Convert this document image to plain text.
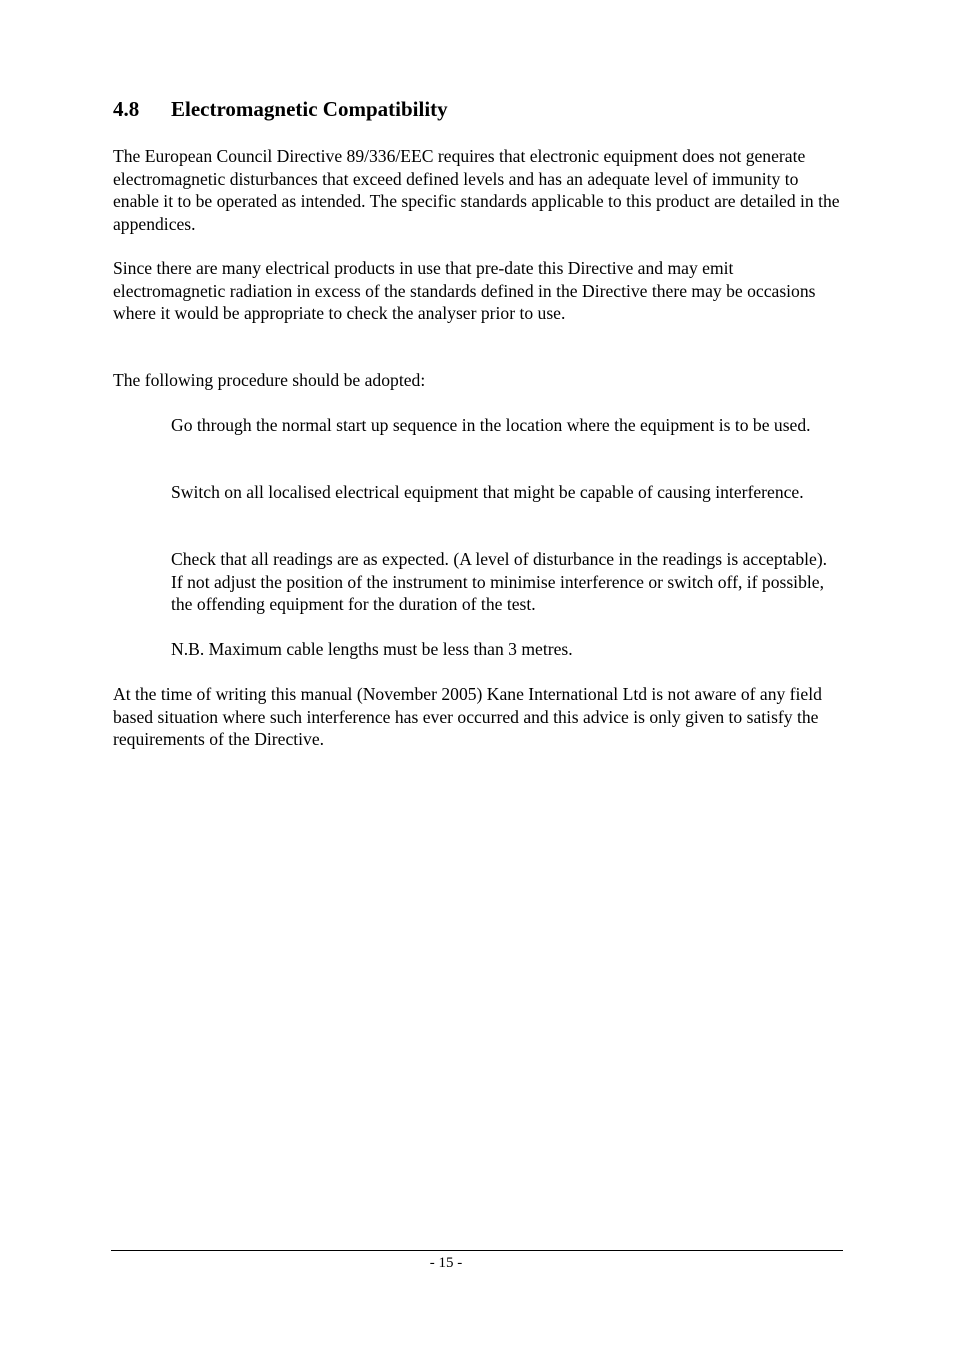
4.8 Electromagnetic Compatibility

The European Council Directive 89/336/EEC requires that electronic equipment does not generate electromagnetic disturbances that exceed defined levels and has an adequate level of immunity to enable it to be operated as intended. The specific standards applicable to this product are detailed in the appendices.

Since there are many electrical products in use that pre-date this Directive and may emit electromagnetic radiation in excess of the standards defined in the Directive there may be occasions where it would be appropriate to check the analyser prior to use.

The following procedure should be adopted:

Go through the normal start up sequence in the location where the equipment is to be used.

Switch on all localised electrical equipment that might be capable of causing interference.

Check that all readings are as expected. (A level of disturbance in the readings is acceptable). If not adjust the position of the instrument to minimise interference or switch off, if possible, the offending equipment for the duration of the test.

N.B. Maximum cable lengths must be less than 3 metres.

At the time of writing this manual (November 2005) Kane International Ltd is not aware of any field based situation where such interference has ever occurred and this advice is only given to satisfy the requirements of the Directive.

- 15 -
